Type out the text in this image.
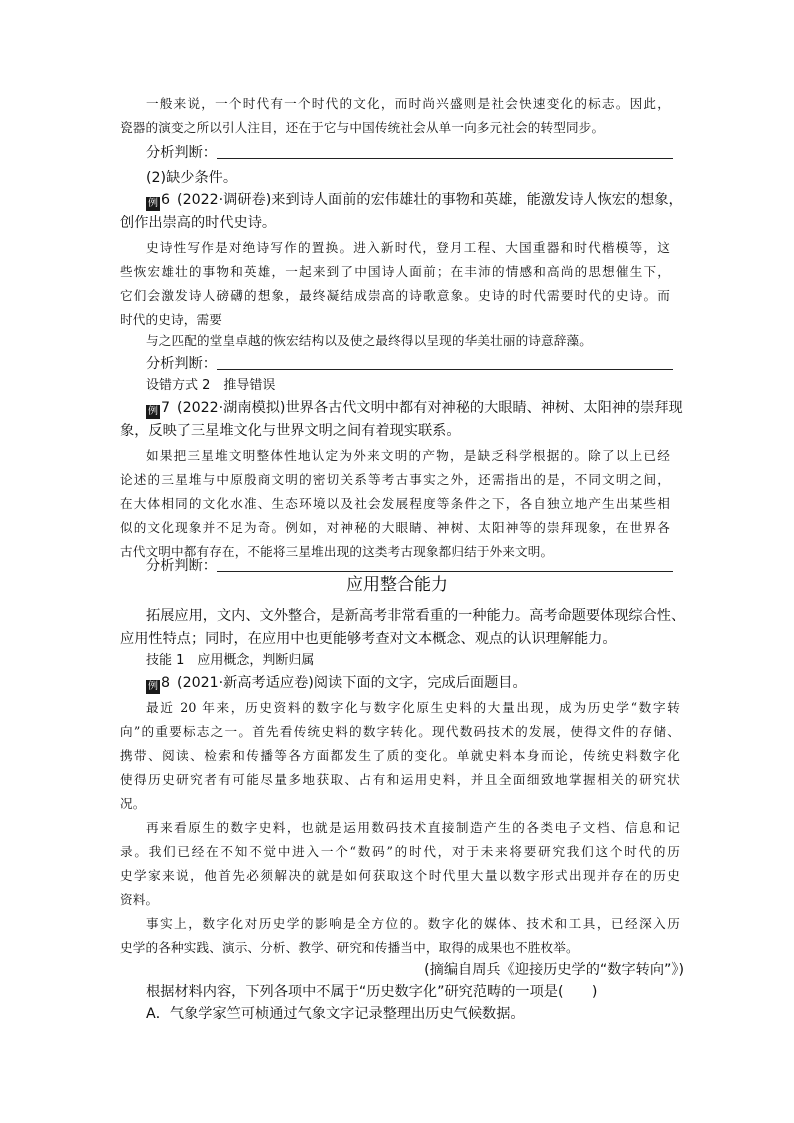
一般来说，一个时代有一个时代的文化，而时尚兴盛则是社会快速变化的标志。因此，
瓷器的演变之所以引人注目，还在于它与中国传统社会从单一向多元社会的转型同步。
分析判断：
(2)缺少条件。
例 6 (2022·调研卷)来到诗人面前的宏伟雄壮的事物和英雄，能激发诗人恢宏的想象，
创作出崇高的时代史诗。
史诗性写作是对绝诗写作的置换。进入新时代，登月工程、大国重器和时代楷模等，这
些恢宏雄壮的事物和英雄，一起来到了中国诗人面前；在丰沛的情感和高尚的思想催生下，
它们会激发诗人磅礴的想象，最终凝结成崇高的诗歌意象。史诗的时代需要时代的史诗。而
时代的史诗，需要
与之匹配的堂皇卓越的恢宏结构以及使之最终得以呈现的华美壮丽的诗意辞藻。
分析判断：
设错方式 2　推导错误
例 7 (2022·湖南模拟)世界各古代文明中都有对神秘的大眼睛、神树、太阳神的崇拜现
象，反映了三星堆文化与世界文明之间有着现实联系。
如果把三星堆文明整体性地认定为外来文明的产物，是缺乏科学根据的。除了以上已经
论述的三星堆与中原殷商文明的密切关系等考古事实之外，还需指出的是，不同文明之间，
在大体相同的文化水准、生态环境以及社会发展程度等条件之下，各自独立地产生出某些相
似的文化现象并不足为奇。例如，对神秘的大眼睛、神树、太阳神等的崇拜现象，在世界各
古代文明中都有存在，不能将三星堆出现的这类考古现象都归结于外来文明。
分析判断：
应用整合能力
拓展应用，文内、文外整合，是新高考非常看重的一种能力。高考命题要体现综合性、
应用性特点；同时，在应用中也更能够考查对文本概念、观点的认识理解能力。
技能 1　应用概念，判断归属
例 8 (2021·新高考适应卷)阅读下面的文字，完成后面题目。
最近 20 年来，历史资料的数字化与数字化原生史料的大量出现，成为历史学“数字转
向”的重要标志之一。首先看传统史料的数字转化。现代数码技术的发展，使得文件的存储、
携带、阅读、检索和传播等各方面都发生了质的变化。单就史料本身而论，传统史料数字化
使得历史研究者有可能尽量多地获取、占有和运用史料，并且全面细致地掌握相关的研究状
况。
再来看原生的数字史料，也就是运用数码技术直接制造产生的各类电子文档、信息和记
录。我们已经在不知不觉中进入一个“数码”的时代，对于未来将要研究我们这个时代的历
史学家来说，他首先必须解决的就是如何获取这个时代里大量以数字形式出现并存在的历史
资料。
事实上，数字化对历史学的影响是全方位的。数字化的媒体、技术和工具，已经深入历
史学的各种实践、演示、分析、教学、研究和传播当中，取得的成果也不胜枚举。
(摘编自周兵《迎接历史学的“数字转向”》)
根据材料内容，下列各项中不属于“历史数字化”研究范畴的一项是(　　)
A．气象学家竺可桢通过气象文字记录整理出历史气候数据。
